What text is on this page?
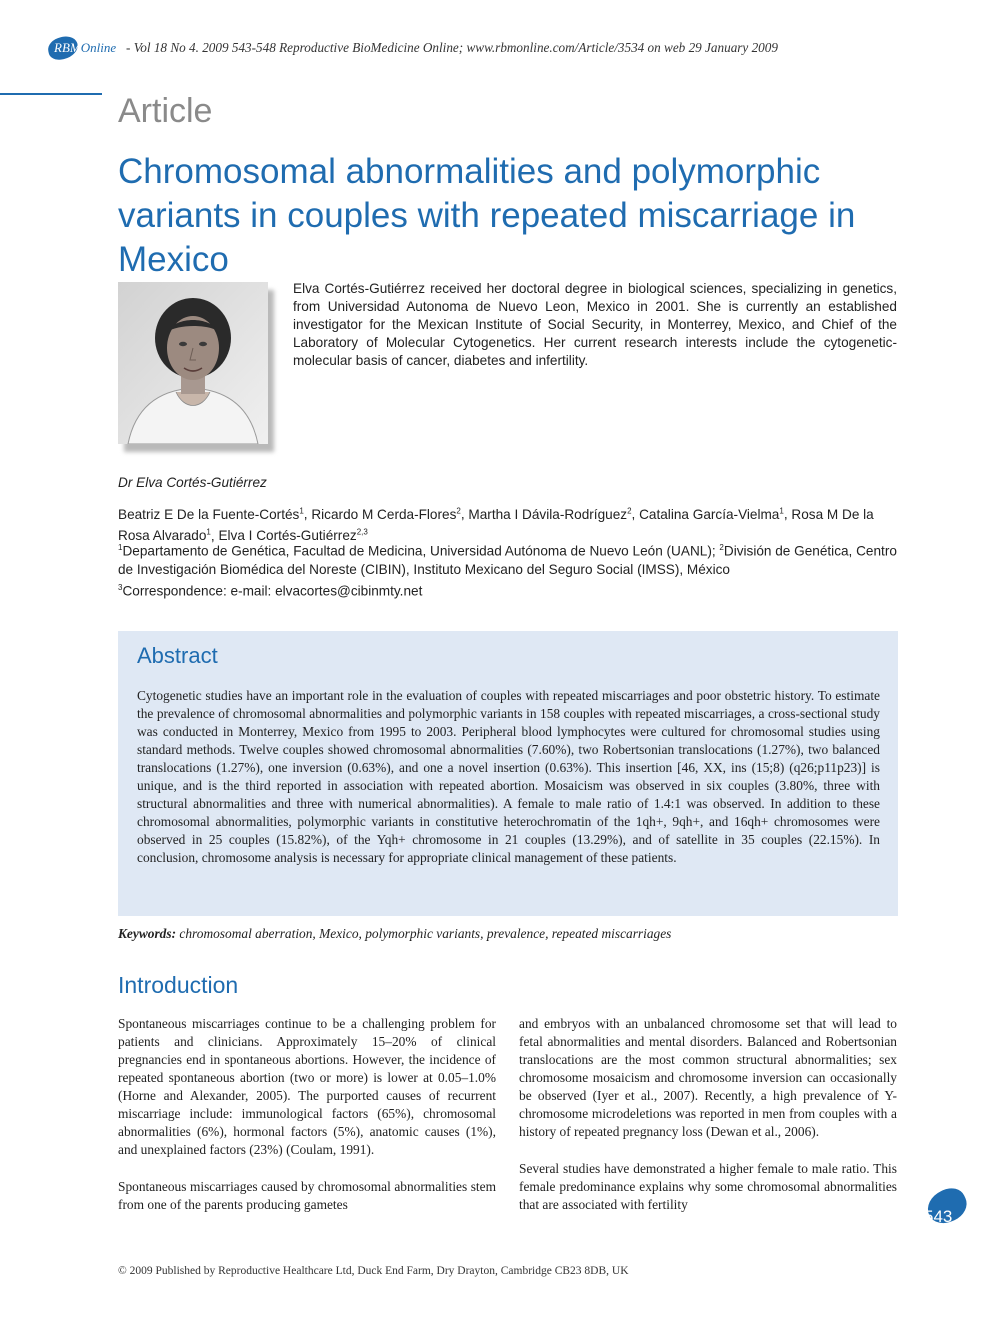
RBMOnline - Vol 18 No 4. 2009 543-548 Reproductive BioMedicine Online; www.rbmonline.com/Article/3534 on web 29 January 2009
Article
Chromosomal abnormalities and polymorphic variants in couples with repeated miscarriage in Mexico
Elva Cortés-Gutiérrez received her doctoral degree in biological sciences, specializing in genetics, from Universidad Autonoma de Nuevo Leon, Mexico in 2001. She is currently an established investigator for the Mexican Institute of Social Security, in Monterrey, Mexico, and Chief of the Laboratory of Molecular Cytogenetics. Her current research interests include the cytogenetic-molecular basis of cancer, diabetes and infertility.
Dr Elva Cortés-Gutiérrez
Beatriz E De la Fuente-Cortés$^1$, Ricardo M Cerda-Flores$^2$, Martha I Dávila-Rodríguez$^2$, Catalina García-Vielma$^1$, Rosa M De la Rosa Alvarado$^1$, Elva I Cortés-Gutiérrez$^{2,3}$
$^1$Departamento de Genética, Facultad de Medicina, Universidad Autónoma de Nuevo León (UANL); $^2$División de Genética, Centro de Investigación Biomédica del Noreste (CIBIN), Instituto Mexicano del Seguro Social (IMSS), México
$^3$Correspondence: e-mail: elvacortes@cibinmty.net
Abstract
Cytogenetic studies have an important role in the evaluation of couples with repeated miscarriages and poor obstetric history. To estimate the prevalence of chromosomal abnormalities and polymorphic variants in 158 couples with repeated miscarriages, a cross-sectional study was conducted in Monterrey, Mexico from 1995 to 2003. Peripheral blood lymphocytes were cultured for chromosomal studies using standard methods. Twelve couples showed chromosomal abnormalities (7.60%), two Robertsonian translocations (1.27%), two balanced translocations (1.27%), one inversion (0.63%), and one a novel insertion (0.63%). This insertion [46, XX, ins (15;8) (q26;p11p23)] is unique, and is the third reported in association with repeated abortion. Mosaicism was observed in six couples (3.80%, three with structural abnormalities and three with numerical abnormalities). A female to male ratio of 1.4:1 was observed. In addition to these chromosomal abnormalities, polymorphic variants in constitutive heterochromatin of the 1qh+, 9qh+, and 16qh+ chromosomes were observed in 25 couples (15.82%), of the Yqh+ chromosome in 21 couples (13.29%), and of satellite in 35 couples (22.15%). In conclusion, chromosome analysis is necessary for appropriate clinical management of these patients.
Keywords: chromosomal aberration, Mexico, polymorphic variants, prevalence, repeated miscarriages
Introduction

Spontaneous miscarriages continue to be a challenging problem for patients and clinicians. Approximately 15–20% of clinical pregnancies end in spontaneous abortions. However, the incidence of repeated spontaneous abortion (two or more) is lower at 0.05–1.0% (Horne and Alexander, 2005). The purported causes of recurrent miscarriage include: immunological factors (65%), chromosomal abnormalities (6%), hormonal factors (5%), anatomic causes (1%), and unexplained factors (23%) (Coulam, 1991).

Spontaneous miscarriages caused by chromosomal abnormalities stem from one of the parents producing gametes

and embryos with an unbalanced chromosome set that will lead to fetal abnormalities and mental disorders. Balanced and Robertsonian translocations are the most common structural abnormalities; sex chromosome mosaicism and chromosome inversion can occasionally be observed (Iyer et al., 2007). Recently, a high prevalence of Y-chromosome microdeletions was reported in men from couples with a history of repeated pregnancy loss (Dewan et al., 2006).

Several studies have demonstrated a higher female to male ratio. This female predominance explains why some chromosomal abnormalities that are associated with fertility

543
© 2009 Published by Reproductive Healthcare Ltd, Duck End Farm, Dry Drayton, Cambridge CB23 8DB, UK
